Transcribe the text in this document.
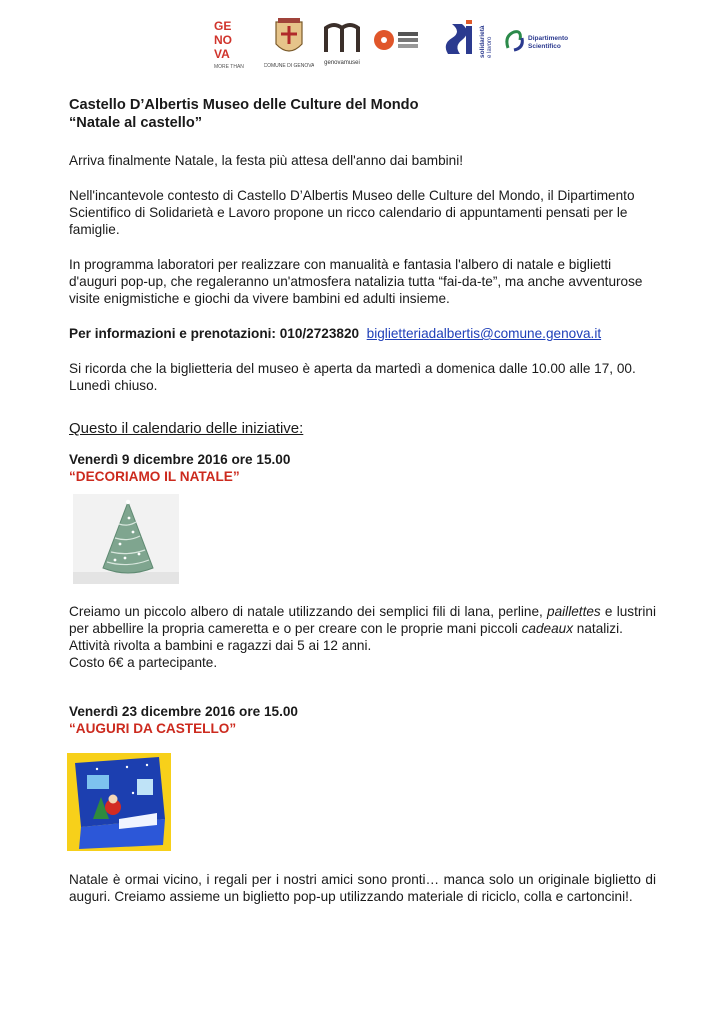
GE
NO
VA
MORE THAN	COMUNE DI GENOVA genovamusei
solidarietà e lavoro	Dipartimento
Scientifico

Castello D’Albertis Museo delle Culture del Mondo

“Natale al castello”

Arriva finalmente Natale, la festa più attesa dell'anno dai bambini!

Nell'incantevole contesto di Castello D’Albertis Museo delle Culture del Mondo, il Dipartimento Scientifico di Solidarietà e Lavoro propone un ricco calendario di appuntamenti pensati per le famiglie.

In programma laboratori per realizzare con manualità e fantasia l'albero di natale e biglietti d'auguri pop-up, che regaleranno un'atmosfera natalizia tutta “fai-da-te”, ma anche avventurose visite enigmistiche e giochi da vivere bambini ed adulti insieme.

Per informazioni e prenotazioni: 010/2723820 biglietteriadalbertis@comune.genova.it

Si ricorda che la biglietteria del museo è aperta da martedì a domenica dalle 10.00 alle 17, 00. Lunedì chiuso.

Questo il calendario delle iniziative:

Venerdì 9 dicembre 2016 ore 15.00

“DECORIAMO IL NATALE”

Creiamo un piccolo albero di natale utilizzando dei semplici fili di lana, perline, paillettes e lustrini per abbellire la propria cameretta e o per creare con le proprie mani piccoli cadeaux natalizi.

Attività rivolta a bambini e ragazzi dai 5 ai 12 anni.

Costo 6€ a partecipante.

Venerdì 23 dicembre 2016 ore 15.00

“AUGURI DA CASTELLO”

Natale è ormai vicino, i regali per i nostri amici sono pronti… manca solo un originale biglietto di auguri. Creiamo assieme un biglietto pop-up utilizzando materiale di riciclo, colla e cartoncini!.
